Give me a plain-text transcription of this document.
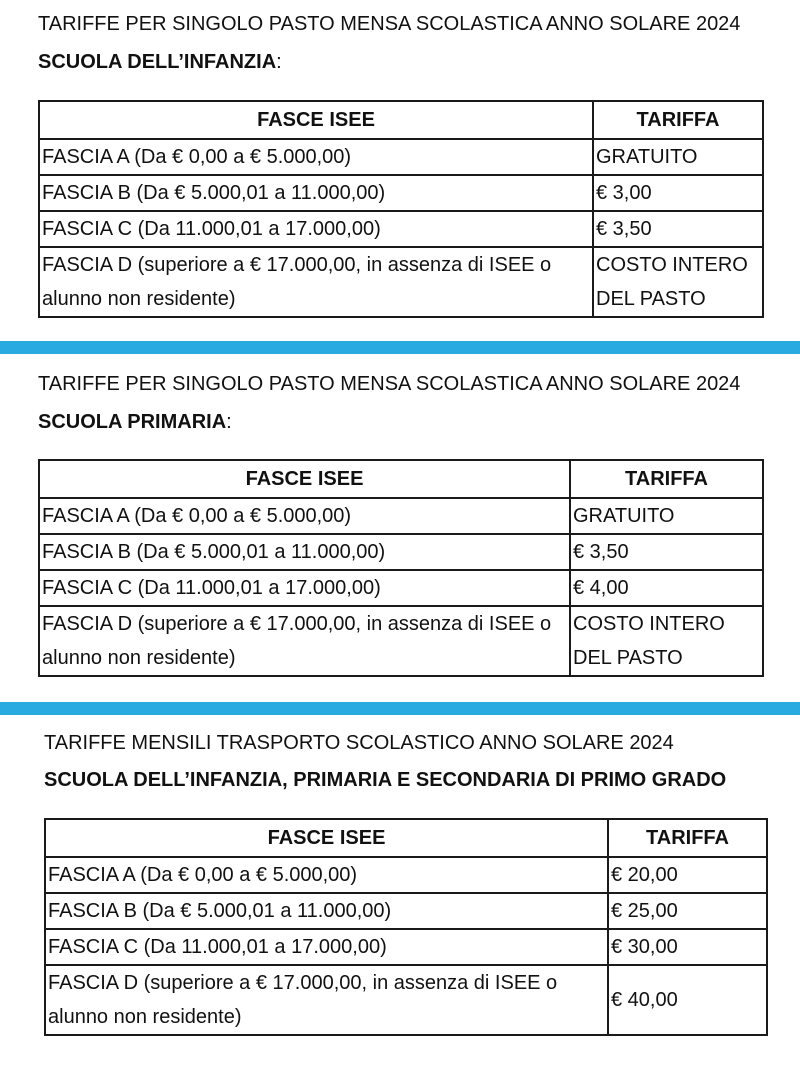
TARIFFE PER SINGOLO PASTO MENSA SCOLASTICA ANNO SOLARE 2024
SCUOLA DELL’INFANZIA:
FASCE ISEE	TARIFFA
FASCIA A (Da € 0,00 a € 5.000,00)	GRATUITO
FASCIA B (Da € 5.000,01 a 11.000,00)	€ 3,00
FASCIA C (Da 11.000,01 a 17.000,00)	€ 3,50
FASCIA D (superiore a € 17.000,00, in assenza di ISEE o alunno non residente)	COSTO INTERO DEL PASTO
TARIFFE PER SINGOLO PASTO MENSA SCOLASTICA ANNO SOLARE 2024
SCUOLA PRIMARIA:
FASCE ISEE	TARIFFA
FASCIA A (Da € 0,00 a € 5.000,00)	GRATUITO
FASCIA B (Da € 5.000,01 a 11.000,00)	€ 3,50
FASCIA C (Da 11.000,01 a 17.000,00)	€ 4,00
FASCIA D (superiore a € 17.000,00, in assenza di ISEE o alunno non residente)	COSTO INTERO DEL PASTO
TARIFFE MENSILI TRASPORTO SCOLASTICO ANNO SOLARE 2024
SCUOLA DELL’INFANZIA, PRIMARIA E SECONDARIA DI PRIMO GRADO
FASCE ISEE	TARIFFA
FASCIA A (Da € 0,00 a € 5.000,00)	€ 20,00
FASCIA B (Da € 5.000,01 a 11.000,00)	€ 25,00
FASCIA C (Da 11.000,01 a 17.000,00)	€ 30,00
FASCIA D (superiore a € 17.000,00, in assenza di ISEE o alunno non residente)	€ 40,00
